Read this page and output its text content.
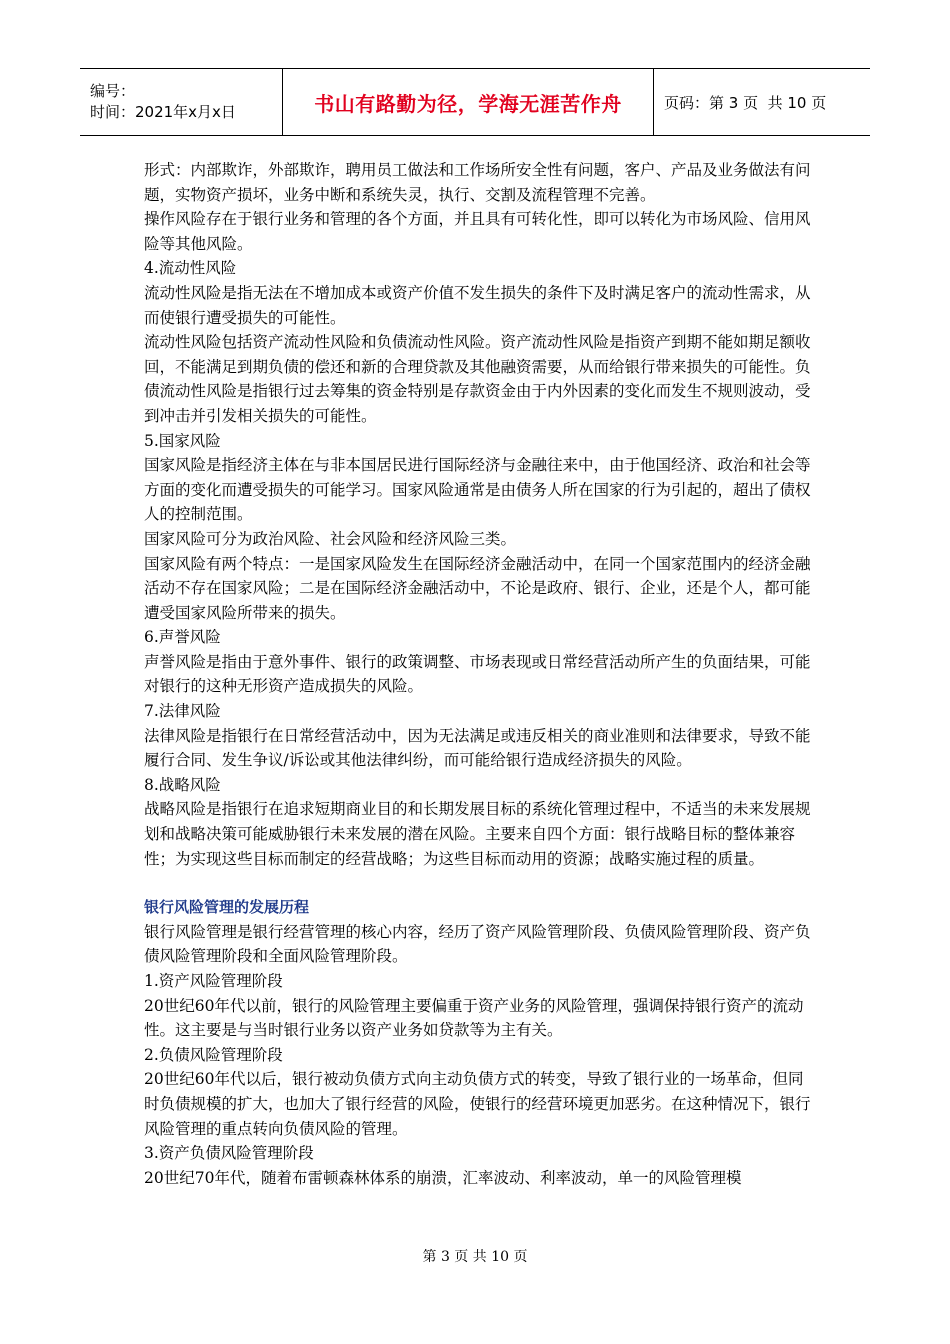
编号：
时间：2021年x月x日	书山有路勤为径，学海无涯苦作舟	页码：第 3 页  共 10 页

形式：内部欺诈，外部欺诈，聘用员工做法和工作场所安全性有问题，客户、产品及业务做法有问题，实物资产损坏，业务中断和系统失灵，执行、交割及流程管理不完善。

操作风险存在于银行业务和管理的各个方面，并且具有可转化性，即可以转化为市场风险、信用风险等其他风险。

4.流动性风险

流动性风险是指无法在不增加成本或资产价值不发生损失的条件下及时满足客户的流动性需求，从而使银行遭受损失的可能性。

流动性风险包括资产流动性风险和负债流动性风险。资产流动性风险是指资产到期不能如期足额收回，不能满足到期负债的偿还和新的合理贷款及其他融资需要，从而给银行带来损失的可能性。负债流动性风险是指银行过去筹集的资金特别是存款资金由于内外因素的变化而发生不规则波动，受到冲击并引发相关损失的可能性。

5.国家风险

国家风险是指经济主体在与非本国居民进行国际经济与金融往来中，由于他国经济、政治和社会等方面的变化而遭受损失的可能学习。国家风险通常是由债务人所在国家的行为引起的，超出了债权人的控制范围。

国家风险可分为政治风险、社会风险和经济风险三类。

国家风险有两个特点：一是国家风险发生在国际经济金融活动中，在同一个国家范围内的经济金融活动不存在国家风险；二是在国际经济金融活动中，不论是政府、银行、企业，还是个人，都可能遭受国家风险所带来的损失。

6.声誉风险

声誉风险是指由于意外事件、银行的政策调整、市场表现或日常经营活动所产生的负面结果，可能对银行的这种无形资产造成损失的风险。

7.法律风险

法律风险是指银行在日常经营活动中，因为无法满足或违反相关的商业准则和法律要求，导致不能履行合同、发生争议/诉讼或其他法律纠纷，而可能给银行造成经济损失的风险。

8.战略风险

战略风险是指银行在追求短期商业目的和长期发展目标的系统化管理过程中，不适当的未来发展规划和战略决策可能威胁银行未来发展的潜在风险。主要来自四个方面：银行战略目标的整体兼容性；为实现这些目标而制定的经营战略；为这些目标而动用的资源；战略实施过程的质量。

银行风险管理的发展历程

银行风险管理是银行经营管理的核心内容，经历了资产风险管理阶段、负债风险管理阶段、资产负债风险管理阶段和全面风险管理阶段。

1.资产风险管理阶段

20世纪60年代以前，银行的风险管理主要偏重于资产业务的风险管理，强调保持银行资产的流动性。这主要是与当时银行业务以资产业务如贷款等为主有关。

2.负债风险管理阶段

20世纪60年代以后，银行被动负债方式向主动负债方式的转变，导致了银行业的一场革命，但同时负债规模的扩大，也加大了银行经营的风险，使银行的经营环境更加恶劣。在这种情况下，银行风险管理的重点转向负债风险的管理。

3.资产负债风险管理阶段

20世纪70年代，随着布雷顿森林体系的崩溃，汇率波动、利率波动，单一的风险管理模

第 3 页 共 10 页
